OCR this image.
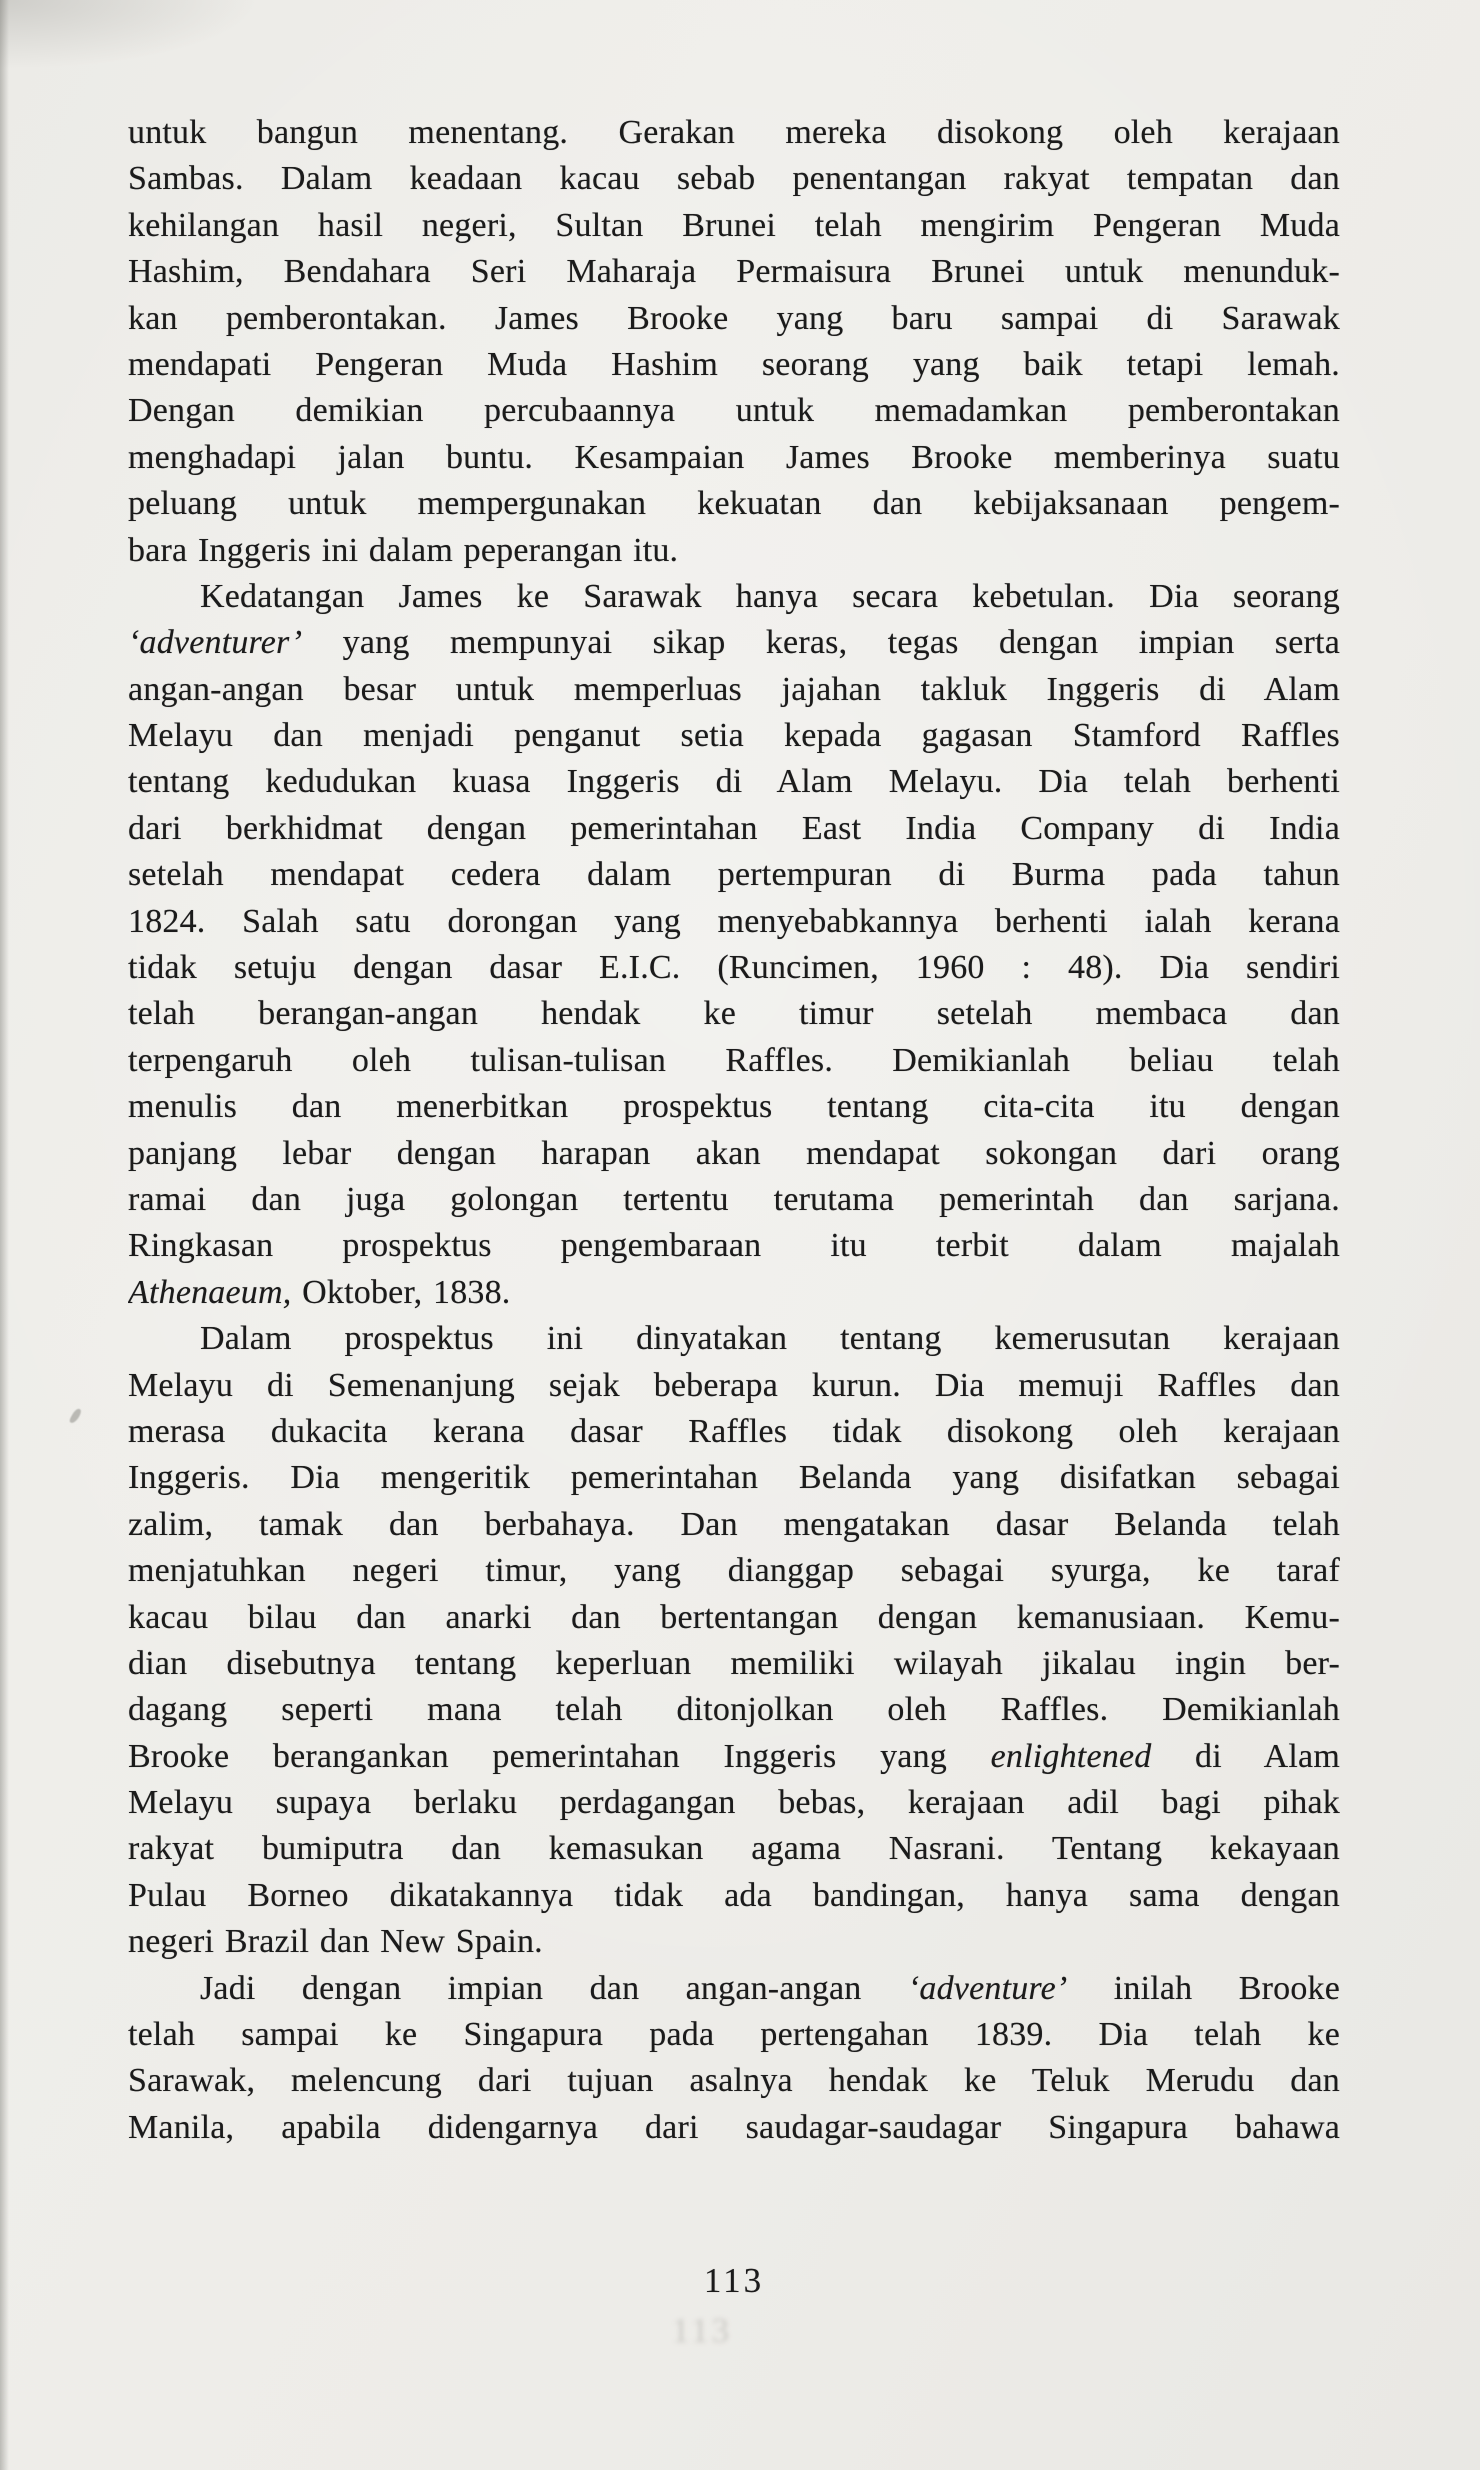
untuk bangun menentang. Gerakan mereka disokong oleh kerajaan
Sambas. Dalam keadaan kacau sebab penentangan rakyat tempatan dan
kehilangan hasil negeri, Sultan Brunei telah mengirim Pengeran Muda
Hashim, Bendahara Seri Maharaja Permaisura Brunei untuk menunduk-
kan pemberontakan. James Brooke yang baru sampai di Sarawak
mendapati Pengeran Muda Hashim seorang yang baik tetapi lemah.
Dengan demikian percubaannya untuk memadamkan pemberontakan
menghadapi jalan buntu. Kesampaian James Brooke memberinya suatu
peluang untuk mempergunakan kekuatan dan kebijaksanaan pengem-
bara Inggeris ini dalam peperangan itu.
Kedatangan James ke Sarawak hanya secara kebetulan. Dia seorang
‘adventurer’ yang mempunyai sikap keras, tegas dengan impian serta
angan-angan besar untuk memperluas jajahan takluk Inggeris di Alam
Melayu dan menjadi penganut setia kepada gagasan Stamford Raffles
tentang kedudukan kuasa Inggeris di Alam Melayu. Dia telah berhenti
dari berkhidmat dengan pemerintahan East India Company di India
setelah mendapat cedera dalam pertempuran di Burma pada tahun
1824. Salah satu dorongan yang menyebabkannya berhenti ialah kerana
tidak setuju dengan dasar E.I.C. (Runcimen, 1960 : 48). Dia sendiri
telah berangan-angan hendak ke timur setelah membaca dan
terpengaruh oleh tulisan-tulisan Raffles. Demikianlah beliau telah
menulis dan menerbitkan prospektus tentang cita-cita itu dengan
panjang lebar dengan harapan akan mendapat sokongan dari orang
ramai dan juga golongan tertentu terutama pemerintah dan sarjana.
Ringkasan prospektus pengembaraan itu terbit dalam majalah
Athenaeum, Oktober, 1838.
Dalam prospektus ini dinyatakan tentang kemerusutan kerajaan
Melayu di Semenanjung sejak beberapa kurun. Dia memuji Raffles dan
merasa dukacita kerana dasar Raffles tidak disokong oleh kerajaan
Inggeris. Dia mengeritik pemerintahan Belanda yang disifatkan sebagai
zalim, tamak dan berbahaya. Dan mengatakan dasar Belanda telah
menjatuhkan negeri timur, yang dianggap sebagai syurga, ke taraf
kacau bilau dan anarki dan bertentangan dengan kemanusiaan. Kemu-
dian disebutnya tentang keperluan memiliki wilayah jikalau ingin ber-
dagang seperti mana telah ditonjolkan oleh Raffles. Demikianlah
Brooke berangankan pemerintahan Inggeris yang enlightened di Alam
Melayu supaya berlaku perdagangan bebas, kerajaan adil bagi pihak
rakyat bumiputra dan kemasukan agama Nasrani. Tentang kekayaan
Pulau Borneo dikatakannya tidak ada bandingan, hanya sama dengan
negeri Brazil dan New Spain.
Jadi dengan impian dan angan-angan ‘adventure’ inilah Brooke
telah sampai ke Singapura pada pertengahan 1839. Dia telah ke
Sarawak, melencung dari tujuan asalnya hendak ke Teluk Merudu dan
Manila, apabila didengarnya dari saudagar-saudagar Singapura bahawa
113
113
